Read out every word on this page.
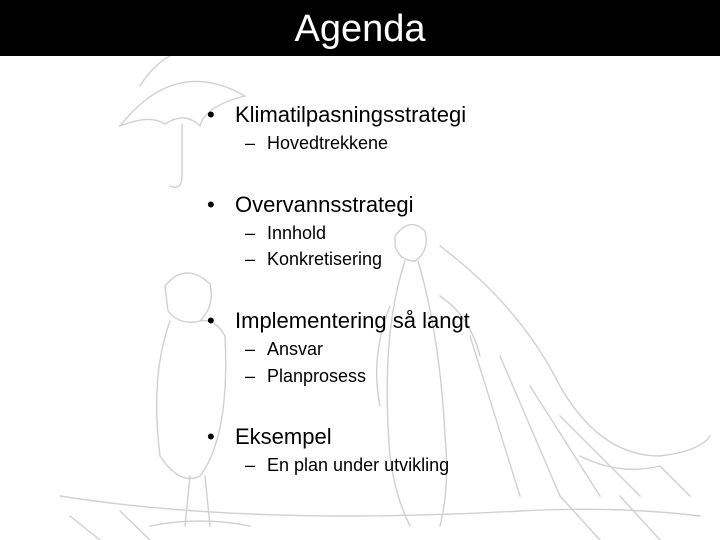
Agenda
• Klimatilpasningsstrategi
– Hovedtrekkene
• Overvannsstrategi
– Innhold
– Konkretisering
• Implementering så langt
– Ansvar
– Planprosess
• Eksempel
– En plan under utvikling
